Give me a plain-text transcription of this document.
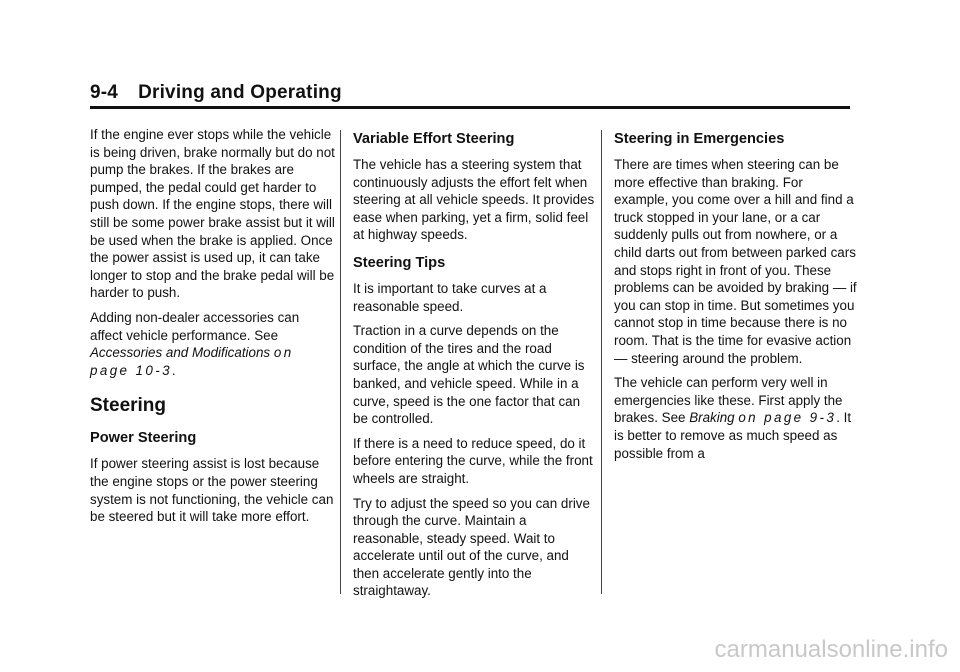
9-4 Driving and Operating

If the engine ever stops while the vehicle is being driven, brake normally but do not pump the brakes. If the brakes are pumped, the pedal could get harder to push down. If the engine stops, there will still be some power brake assist but it will be used when the brake is applied. Once the power assist is used up, it can take longer to stop and the brake pedal will be harder to push.

Adding non-dealer accessories can affect vehicle performance. See Accessories and Modifications on page 10-3.

Steering
Power Steering

If power steering assist is lost because the engine stops or the power steering system is not functioning, the vehicle can be steered but it will take more effort.

Variable Effort Steering

The vehicle has a steering system that continuously adjusts the effort felt when steering at all vehicle speeds. It provides ease when parking, yet a firm, solid feel at highway speeds.

Steering Tips

It is important to take curves at a reasonable speed.

Traction in a curve depends on the condition of the tires and the road surface, the angle at which the curve is banked, and vehicle speed. While in a curve, speed is the one factor that can be controlled.

If there is a need to reduce speed, do it before entering the curve, while the front wheels are straight.

Try to adjust the speed so you can drive through the curve. Maintain a reasonable, steady speed. Wait to accelerate until out of the curve, and then accelerate gently into the straightaway.

Steering in Emergencies

There are times when steering can be more effective than braking. For example, you come over a hill and find a truck stopped in your lane, or a car suddenly pulls out from nowhere, or a child darts out from between parked cars and stops right in front of you. These problems can be avoided by braking — if you can stop in time. But sometimes you cannot stop in time because there is no room. That is the time for evasive action — steering around the problem.

The vehicle can perform very well in emergencies like these. First apply the brakes. See Braking on page 9-3. It is better to remove as much speed as possible from a

carmanualsonline.info
